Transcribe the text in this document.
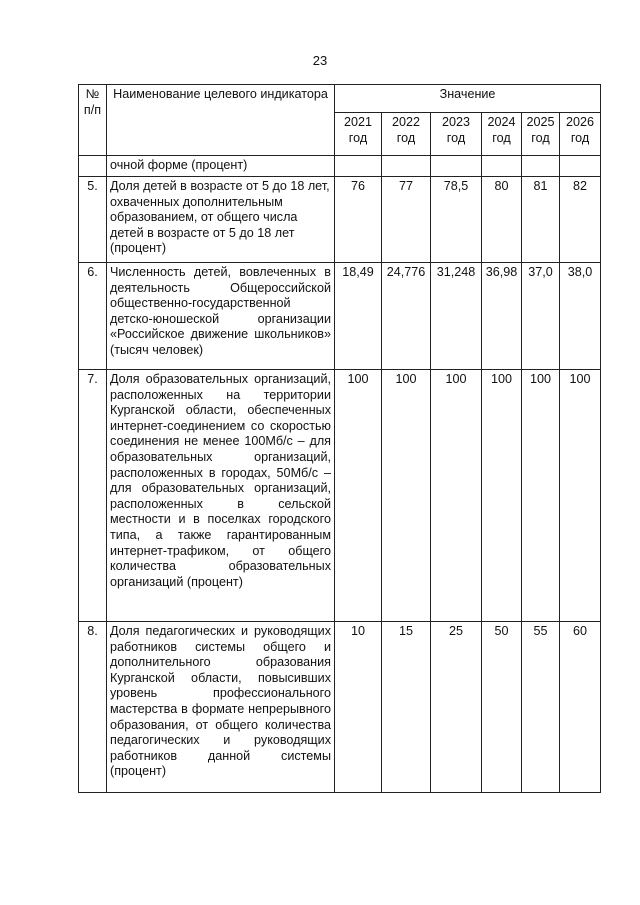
23
№ п/п	Наименование целевого индикатора	Значение					
		2021 год	2022 год	2023 год	2024 год	2025 год	2026 год
	очной форме (процент)						
5.	Доля детей в возрасте от 5 до 18 лет, охваченных дополнительным образованием, от общего числа детей в возрасте от 5 до 18 лет (процент)	76	77	78,5	80	81	82
6.	Численность детей, вовлеченных в деятельность Общероссийской общественно-государственной детско-юношеской организации «Российское движение школьников» (тысяч человек)	18,49	24,776	31,248	36,98	37,0	38,0
7.	Доля образовательных организаций, расположенных на территории Курганской области, обеспеченных интернет-соединением со скоростью соединения не менее 100Мб/с – для образовательных организаций, расположенных в городах, 50Мб/с – для образовательных организаций, расположенных в сельской местности и в поселках городского типа, а также гарантированным интернет-трафиком, от общего количества образовательных организаций (процент)	100	100	100	100	100	100
8.	Доля педагогических и руководящих работников системы общего и дополнительного образования Курганской области, повысивших уровень профессионального мастерства в формате непрерывного образования, от общего количества педагогических и руководящих работников данной системы (процент)	10	15	25	50	55	60
